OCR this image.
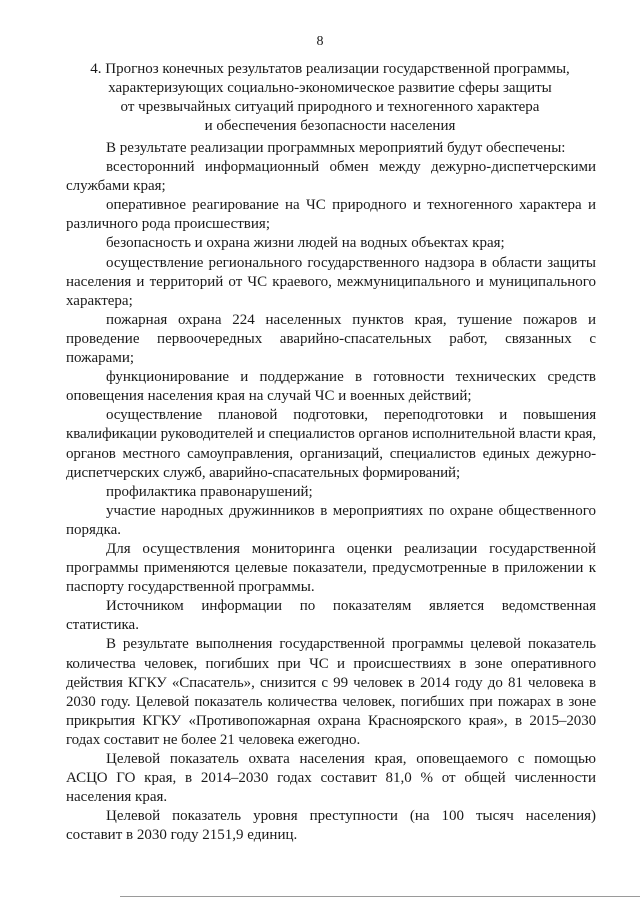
8
4. Прогноз конечных результатов реализации государственной программы,
характеризующих социально-экономическое развитие сферы защиты
от чрезвычайных ситуаций природного и техногенного характера
и обеспечения безопасности населения

В результате реализации программных мероприятий будут обеспечены:

всесторонний информационный обмен между дежурно-диспетчерскими службами края;

оперативное реагирование на ЧС природного и техногенного характера и различного рода происшествия;

безопасность и охрана жизни людей на водных объектах края;

осуществление регионального государственного надзора в области защиты населения и территорий от ЧС краевого, межмуниципального и муниципального характера;

пожарная охрана 224 населенных пунктов края, тушение пожаров и проведение первоочередных аварийно-спасательных работ, связанных с пожарами;

функционирование и поддержание в готовности технических средств оповещения населения края на случай ЧС и военных действий;

осуществление плановой подготовки, переподготовки и повышения квалификации руководителей и специалистов органов исполнительной власти края, органов местного самоуправления, организаций, специалистов единых дежурно-диспетчерских служб, аварийно-спасательных формирований;

профилактика правонарушений;

участие народных дружинников в мероприятиях по охране общественного порядка.

Для осуществления мониторинга оценки реализации государственной программы применяются целевые показатели, предусмотренные в приложении к паспорту государственной программы.

Источником информации по показателям является ведомственная статистика.

В результате выполнения государственной программы целевой показатель количества человек, погибших при ЧС и происшествиях в зоне оперативного действия КГКУ «Спасатель», снизится с 99 человек в 2014 году до 81 человека в 2030 году. Целевой показатель количества человек, погибших при пожарах в зоне прикрытия КГКУ «Противопожарная охрана Красноярского края», в 2015–2030 годах составит не более 21 человека ежегодно.

Целевой показатель охвата населения края, оповещаемого с помощью АСЦО ГО края, в 2014–2030 годах составит 81,0 % от общей численности населения края.

Целевой показатель уровня преступности (на 100 тысяч населения) составит в 2030 году 2151,9 единиц.
